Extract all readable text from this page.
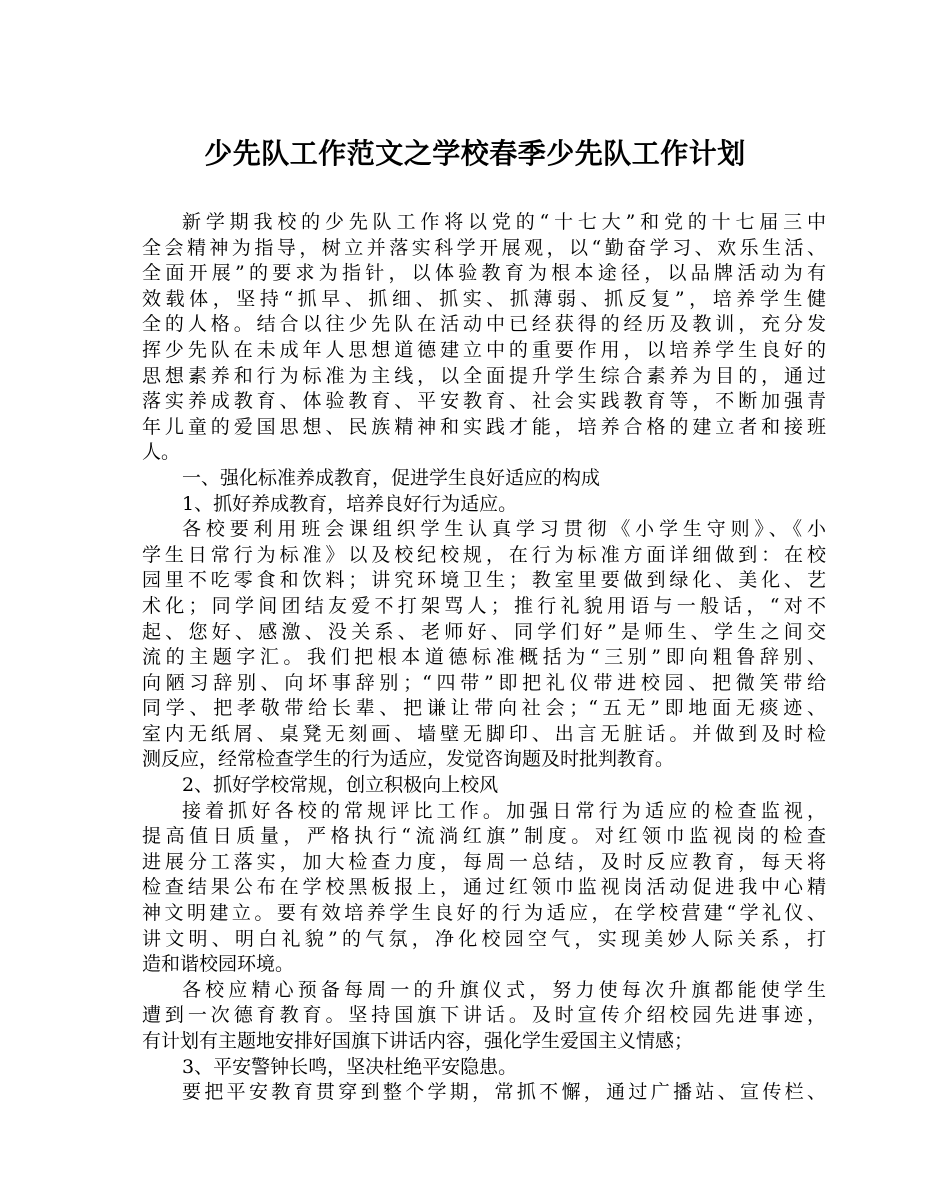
少先队工作范文之学校春季少先队工作计划
新学期我校的少先队工作将以党的“十七大”和党的十七届三中
全会精神为指导，树立并落实科学开展观，以“勤奋学习、欢乐生活、
全面开展”的要求为指针，以体验教育为根本途径，以品牌活动为有
效载体，坚持“抓早、抓细、抓实、抓薄弱、抓反复”，培养学生健
全的人格。结合以往少先队在活动中已经获得的经历及教训，充分发
挥少先队在未成年人思想道德建立中的重要作用，以培养学生良好的
思想素养和行为标准为主线，以全面提升学生综合素养为目的，通过
落实养成教育、体验教育、平安教育、社会实践教育等，不断加强青
年儿童的爱国思想、民族精神和实践才能，培养合格的建立者和接班
人。
一、强化标准养成教育，促进学生良好适应的构成
1、抓好养成教育，培养良好行为适应。
各校要利用班会课组织学生认真学习贯彻《小学生守则》、《小
学生日常行为标准》以及校纪校规，在行为标准方面详细做到：在校
园里不吃零食和饮料；讲究环境卫生；教室里要做到绿化、美化、艺
术化；同学间团结友爱不打架骂人；推行礼貌用语与一般话，“对不
起、您好、感激、没关系、老师好、同学们好”是师生、学生之间交
流的主题字汇。我们把根本道德标准概括为“三别”即向粗鲁辞别、
向陋习辞别、向坏事辞别；“四带”即把礼仪带进校园、把微笑带给
同学、把孝敬带给长辈、把谦让带向社会；“五无”即地面无痰迹、
室内无纸屑、桌凳无刻画、墙壁无脚印、出言无脏话。并做到及时检
测反应，经常检查学生的行为适应，发觉咨询题及时批判教育。
2、抓好学校常规，创立积极向上校风
接着抓好各校的常规评比工作。加强日常行为适应的检查监视，
提高值日质量，严格执行“流淌红旗”制度。对红领巾监视岗的检查
进展分工落实，加大检查力度，每周一总结，及时反应教育，每天将
检查结果公布在学校黑板报上，通过红领巾监视岗活动促进我中心精
神文明建立。要有效培养学生良好的行为适应，在学校营建“学礼仪、
讲文明、明白礼貌”的气氛，净化校园空气，实现美妙人际关系，打
造和谐校园环境。
各校应精心预备每周一的升旗仪式，努力使每次升旗都能使学生
遭到一次德育教育。坚持国旗下讲话。及时宣传介绍校园先进事迹，
有计划有主题地安排好国旗下讲话内容，强化学生爱国主义情感；
3、平安警钟长鸣，坚决杜绝平安隐患。
要把平安教育贯穿到整个学期，常抓不懈，通过广播站、宣传栏、
